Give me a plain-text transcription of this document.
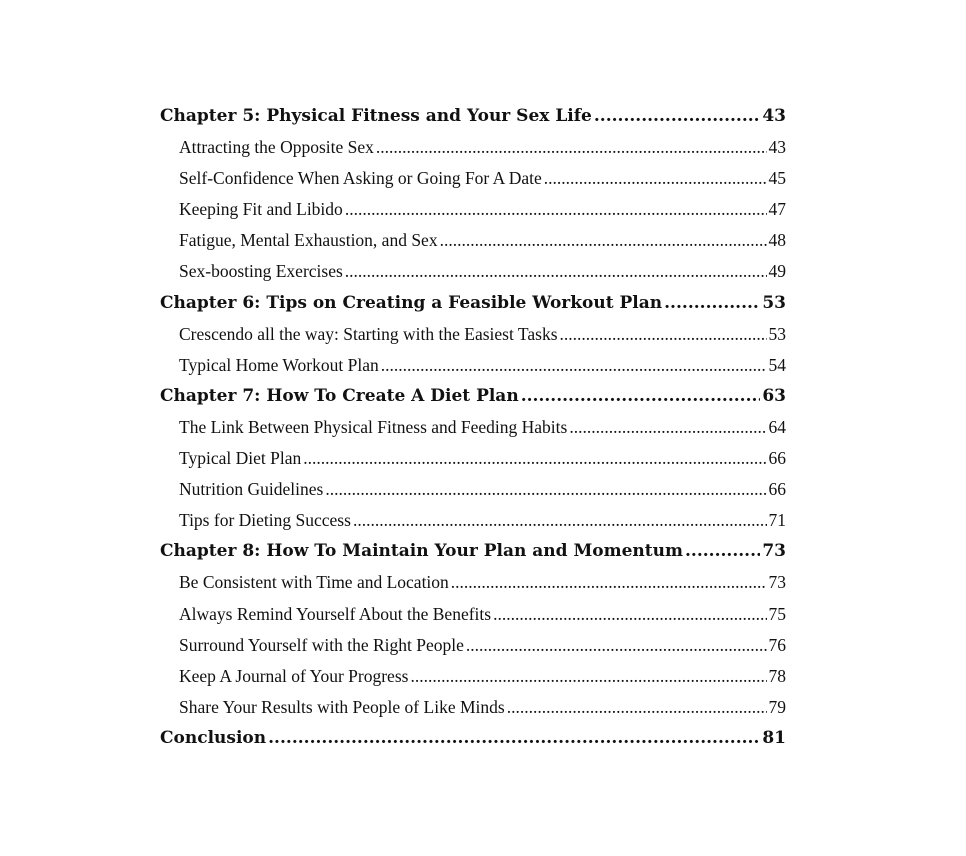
Chapter 5: Physical Fitness and Your Sex Life .....	43
Attracting the Opposite Sex .....	43
Self-Confidence When Asking or Going For A Date .....	45
Keeping Fit and Libido .....	47
Fatigue, Mental Exhaustion, and Sex .....	48
Sex-boosting Exercises .....	49
Chapter 6: Tips on Creating a Feasible Workout Plan .....	53
Crescendo all the way: Starting with the Easiest Tasks .....	53
Typical Home Workout Plan .....	54
Chapter 7: How To Create A Diet Plan .....	63
The Link Between Physical Fitness and Feeding Habits .....	64
Typical Diet Plan .....	66
Nutrition Guidelines .....	66
Tips for Dieting Success .....	71
Chapter 8: How To Maintain Your Plan and Momentum .....	73
Be Consistent with Time and Location .....	73
Always Remind Yourself About the Benefits .....	75
Surround Yourself with the Right People .....	76
Keep A Journal of Your Progress .....	78
Share Your Results with People of Like Minds .....	79
Conclusion .....	81
